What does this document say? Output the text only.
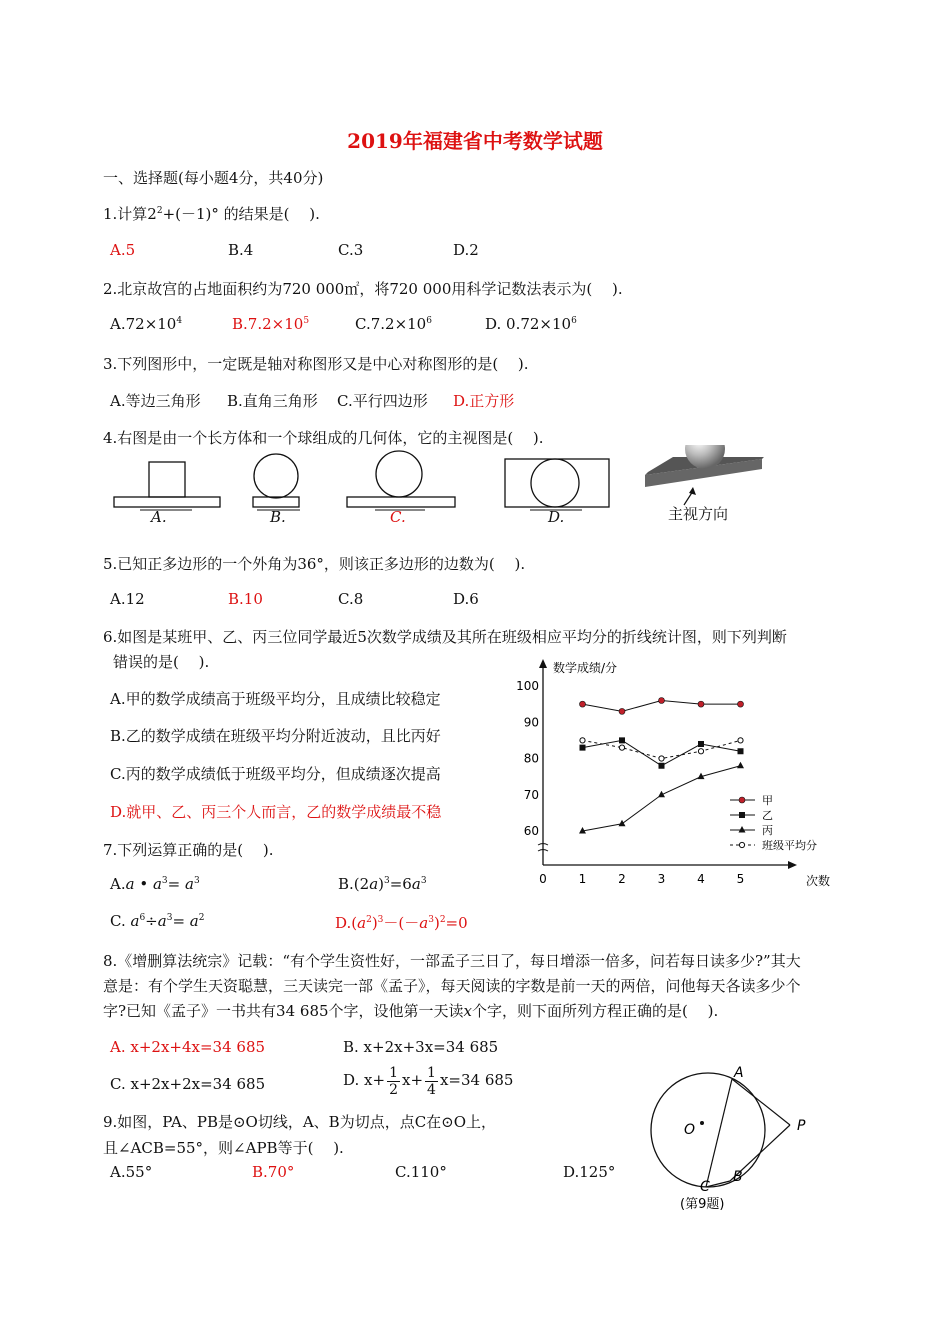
2019年福建省中考数学试题
一、选择题(每小题4分，共40分)
1.计算$2^2+(-1)^\circ$ 的结果是(　 ).
A.5	B.4	C.3	D.2
2.北京故宫的占地面积约为720 000㎡，将720 000用科学记数法表示为(　 ).
$A.72\times 10^4$	$B.7.2\times 10^5$	$C.7.2\times 10^6$	D. $0.72\times 10^6$
3.下列图形中，一定既是轴对称图形又是中心对称图形的是(　 ).
A.等边三角形 B.直角三角形 C.平行四边形 D.正方形
4.右图是由一个长方体和一个球组成的几何体，它的主视图是(　 ).
A.	B.	C.	D.	主视方向
5.已知正多边形的一个外角为36°，则该正多边形的边数为(　 ).
A.12	B.10	C.8	D.6
6.如图是某班甲、乙、丙三位同学最近5次数学成绩及其所在班级相应平均分的折线统计图，则下列判断
错误的是(　 ).
A.甲的数学成绩高于班级平均分，且成绩比较稳定
B.乙的数学成绩在班级平均分附近波动，且比丙好
C.丙的数学成绩低于班级平均分，但成绩逐次提高
D.就甲、乙、丙三个人而言，乙的数学成绩最不稳
数学成绩/分
次数
60
70
80
90
100
0	1	2	3	4	5
甲
乙
丙
班级平均分
7.下列运算正确的是(　 ).
A.a • $a^3= a^3$	$B.(2a)^3=6a^3$
C. $a^6\div a^3= a^2$	$D.(a^2)^3-(-a^3)^2=0$
8.《增删算法统宗》记载：“有个学生资性好，一部孟子三日了，每日增添一倍多，问若每日读多少?”其大
意是：有个学生天资聪慧，三天读完一部《孟子》，每天阅读的字数是前一天的两倍，问他每天各读多少个
字?已知《孟子》一书共有34 685个字，设他第一天读x个字，则下面所列方程正确的是(　 ).
A. x+2x+4x=34 685	B. x+2x+3x=34 685
C. x+2x+2x=34 685	D. $x+ \frac{1}{2} x+ \frac{1}{4} x=34$ 685
9.如图，PA、PB是⊙O切线，A、B为切点，点C在⊙O上，
且∠ACB=55°，则∠APB等于(　 ).
A.55°	B.70°	C.110°	D.125°
A
B
C
O	P
(第9题)
